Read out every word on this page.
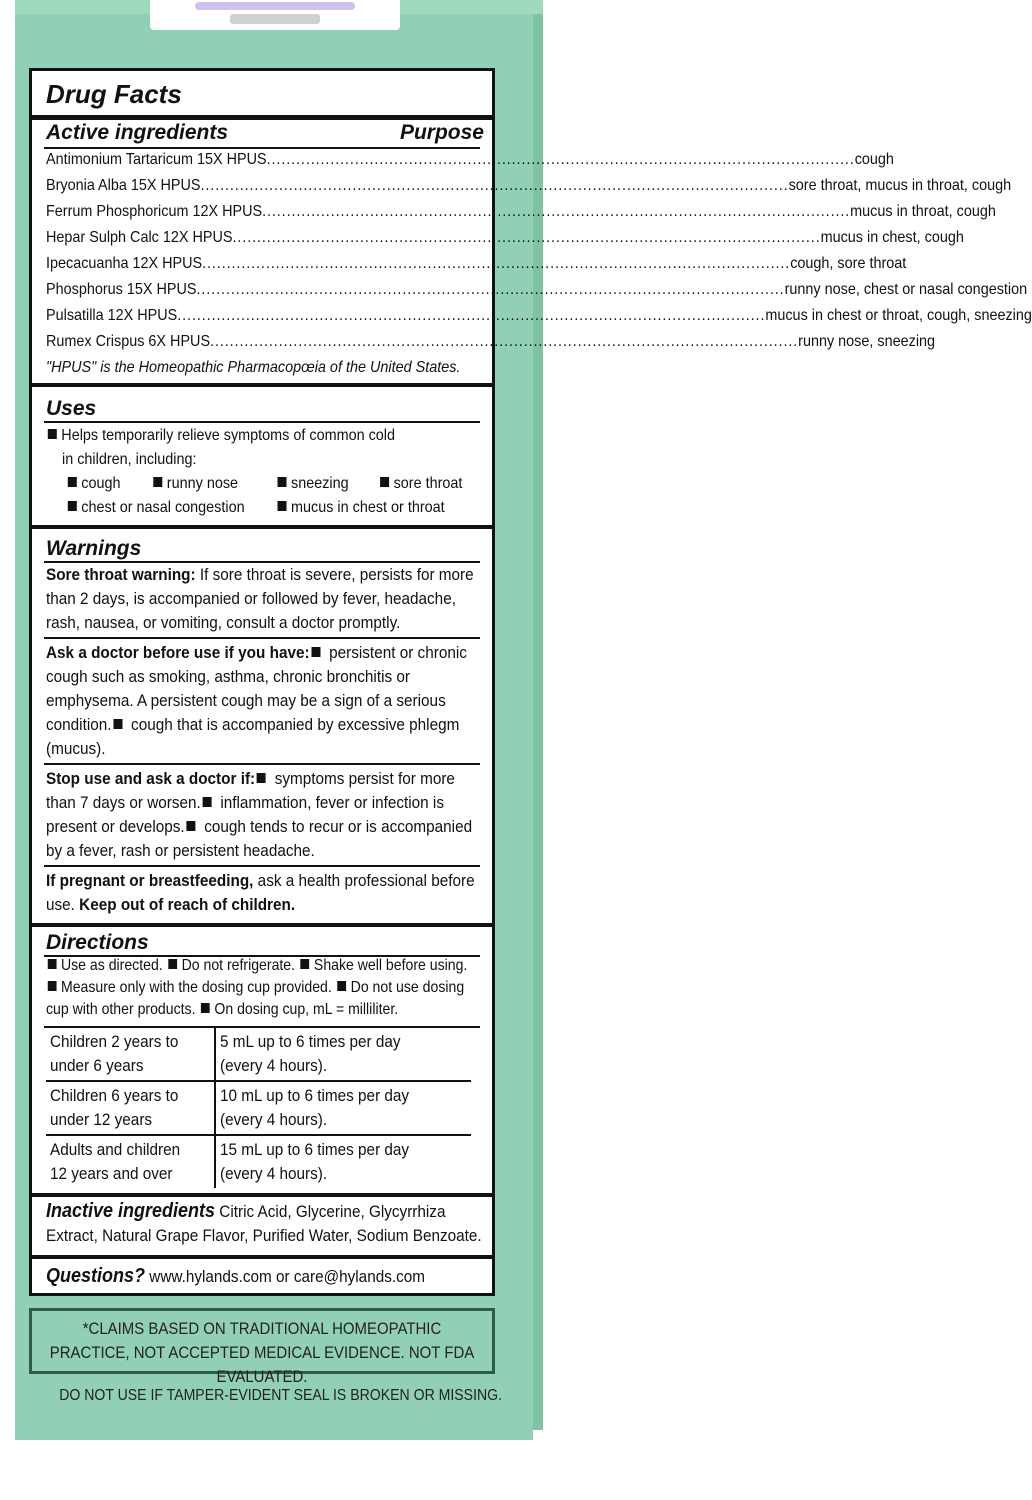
Drug Facts
Active ingredients	Purpose
Antimonium Tartaricum 15X HPUS ........................................................................................................................ cough
Bryonia Alba 15X HPUS ........................................................................................................................ sore throat, mucus in throat, cough
Ferrum Phosphoricum 12X HPUS ........................................................................................................................ mucus in throat, cough
Hepar Sulph Calc 12X HPUS ........................................................................................................................ mucus in chest, cough
Ipecacuanha 12X HPUS ........................................................................................................................ cough, sore throat
Phosphorus 15X HPUS ........................................................................................................................ runny nose, chest or nasal congestion
Pulsatilla 12X HPUS ........................................................................................................................ mucus in chest or throat, cough, sneezing
Rumex Crispus 6X HPUS ........................................................................................................................ runny nose, sneezing
"HPUS" is the Homeopathic Pharmacopœia of the United States.
Uses
Helps temporarily relieve symptoms of common cold
in children, including:
cough	runny nose	sneezing	sore throat
chest or nasal congestion	mucus in chest or throat
Warnings
Sore throat warning: If sore throat is severe, persists for more than 2 days, is accompanied or followed by fever, headache, rash, nausea, or vomiting, consult a doctor promptly.
Ask a doctor before use if you have: persistent or chronic cough such as smoking, asthma, chronic bronchitis or emphysema. A persistent cough may be a sign of a serious condition. cough that is accompanied by excessive phlegm (mucus).
Stop use and ask a doctor if: symptoms persist for more than 7 days or worsen. inflammation, fever or infection is present or develops. cough tends to recur or is accompanied by a fever, rash or persistent headache.
If pregnant or breastfeeding, ask a health professional before use. Keep out of reach of children.
Directions
Use as directed. Do not refrigerate. Shake well before using. Measure only with the dosing cup provided. Do not use dosing cup with other products. On dosing cup, mL = milliliter.
Children 2 years to under 6 years	5 mL up to 6 times per day (every 4 hours).

Children 6 years to under 12 years	10 mL up to 6 times per day (every 4 hours).

Adults and children 12 years and over	15 mL up to 6 times per day (every 4 hours).
Inactive ingredients Citric Acid, Glycerine, Glycyrrhiza Extract, Natural Grape Flavor, Purified Water, Sodium Benzoate.
Questions? www.hylands.com or care@hylands.com
*CLAIMS BASED ON TRADITIONAL HOMEOPATHIC PRACTICE, NOT ACCEPTED MEDICAL EVIDENCE. NOT FDA EVALUATED.
DO NOT USE IF TAMPER-EVIDENT SEAL IS BROKEN OR MISSING.
